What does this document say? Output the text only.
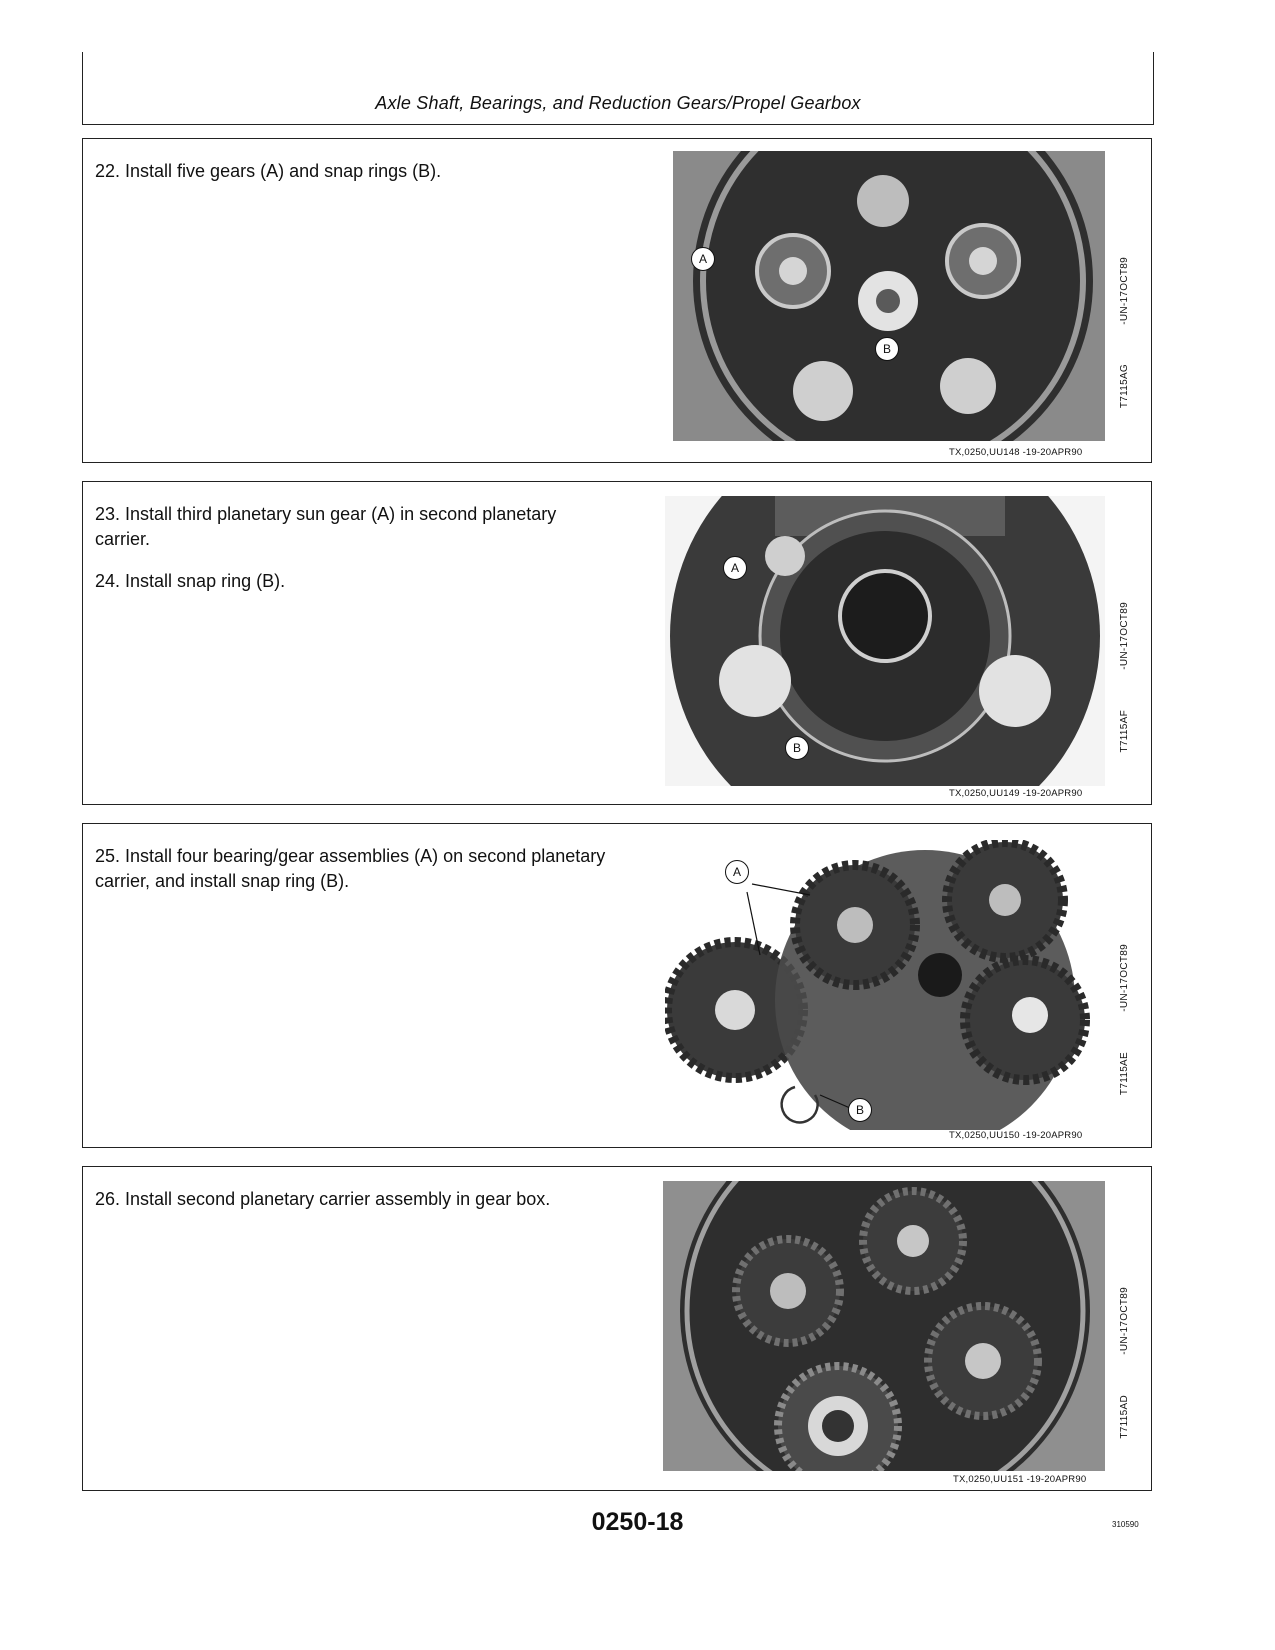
Axle Shaft, Bearings, and Reduction Gears/Propel Gearbox

22. Install five gears (A) and snap rings (B).

A
B
-UN-17OCT89
T7115AG
TX,0250,UU148 -19-20APR90

23. Install third planetary sun gear (A) in second planetary carrier.

24. Install snap ring (B).

A
B
-UN-17OCT89
T7115AF
TX,0250,UU149 -19-20APR90

25. Install four bearing/gear assemblies (A) on second planetary carrier, and install snap ring (B).	A
B
-UN-17OCT89
T7115AE
TX,0250,UU150 -19-20APR90

26. Install second planetary carrier assembly in gear box.

-UN-17OCT89
T7115AD
TX,0250,UU151 -19-20APR90
0250-18	310590
